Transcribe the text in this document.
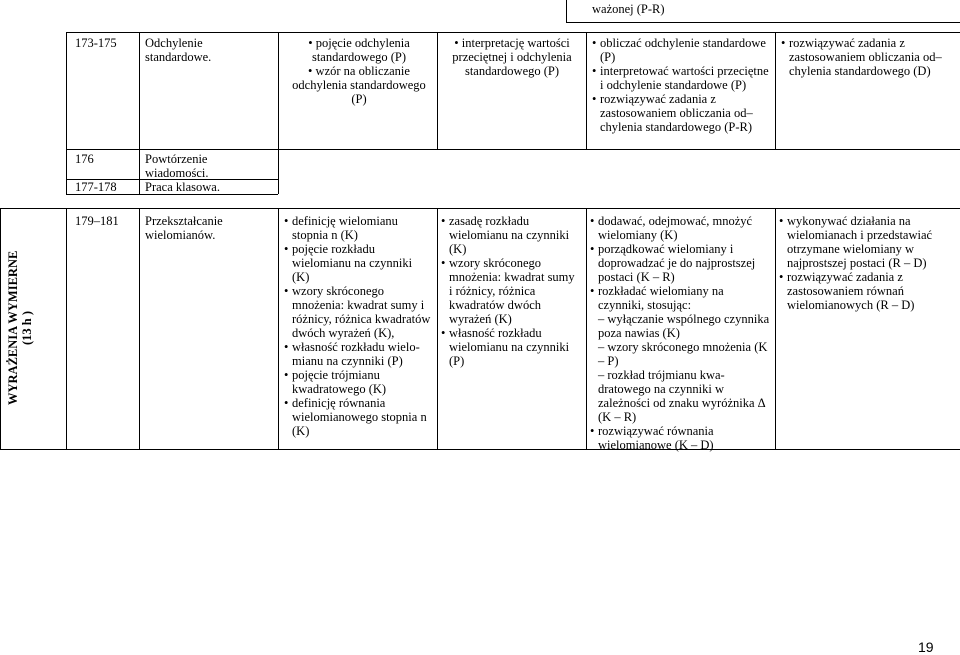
ważonej (P-R)
173-175	Odchylenie standardowe.
• pojęcie odchylenia standardowego (P)
• wzór na obliczanie odchylenia standardowego (P)
• interpretację wartości przeciętnej i odchylenia standardowego (P)
• obliczać odchylenie standardowe (P)
• interpretować wartości przeciętne i odchylenie standardowe (P)
• rozwiązywać zadania z zastosowaniem obliczania od– chylenia standardowego (P-R)
• rozwiązywać zadania z zastosowaniem obliczania od– chylenia standardowego (D)
176	Powtórzenie wiadomości.
177-178 Praca klasowa.
WYRAŻENIA WYMIERNE
(13 h )
179–181 Przekształcanie wielomianów.
• definicję wielomianu stopnia n (K)
• pojęcie rozkładu wielomianu na czynniki (K)
• wzory skróconego mnożenia: kwadrat sumy i różnicy, różnica kwadratów dwóch wyrażeń (K),
• własność rozkładu wielo- mianu na czynniki (P)
• pojęcie trójmianu kwadratowego (K)
• definicję równania wielomianowego stopnia n (K)
• zasadę rozkładu wielomianu na czynniki (K)
• wzory skróconego mnożenia: kwadrat sumy i różnicy, różnica kwadratów dwóch wyrażeń (K)
• własność rozkładu wielomianu na czynniki (P)
• dodawać, odejmować, mnożyć wielomiany (K)
• porządkować wielomiany i doprowadzać je do najprostszej postaci (K – R)
• rozkładać wielomiany na czynniki, stosując:
– wyłączanie wspólnego czynnika poza nawias (K)
– wzory skróconego mnożenia (K – P)
– rozkład trójmianu kwa- dratowego na czynniki w zależności od znaku wyróżnika Δ (K – R)
• rozwiązywać równania wielomianowe (K – D)
• wykonywać działania na wielomianach i przedstawiać otrzymane wielomiany w najprostszej postaci (R – D)
• rozwiązywać zadania z zastosowaniem równań wielomianowych (R – D)
19
